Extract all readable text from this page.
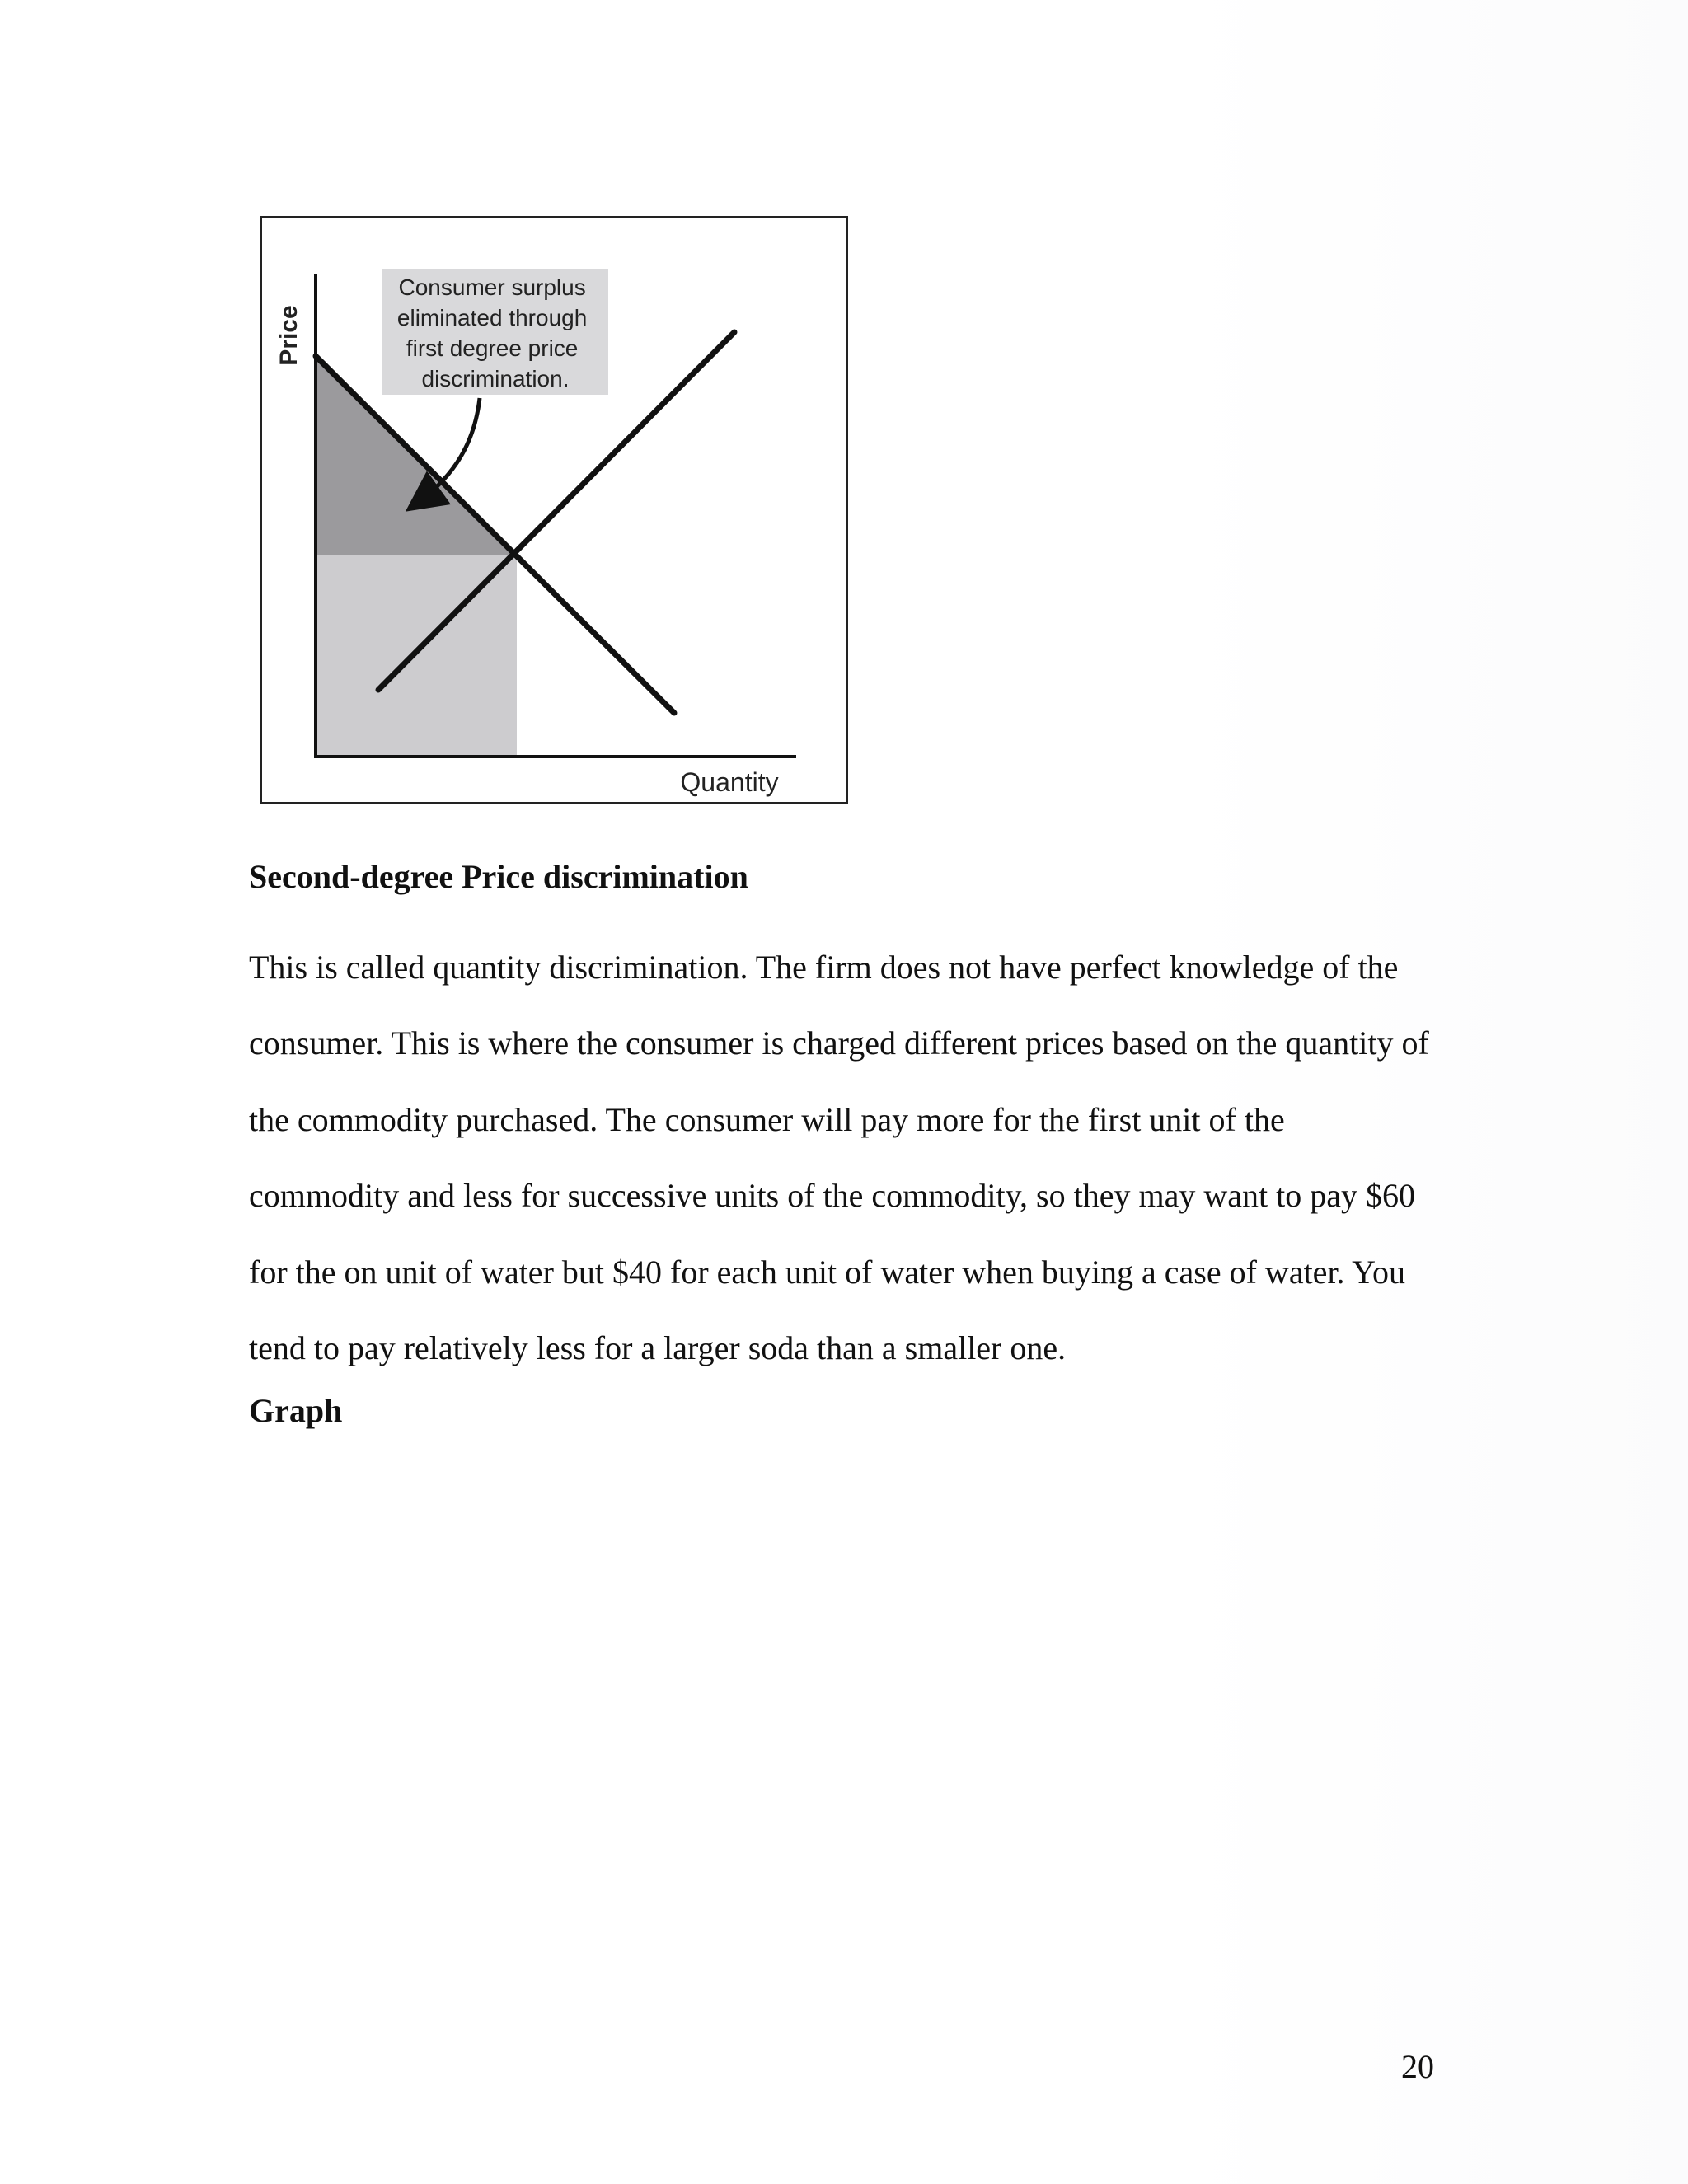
Consumer surplus eliminated through first degree price discrimination.
Price
Quantity
Second-degree Price discrimination
This is called quantity discrimination. The firm does not have perfect knowledge of the
consumer. This is where the consumer is charged different prices based on the quantity of
the commodity purchased. The consumer will pay more for the first unit of the
commodity and less for successive units of the commodity, so they may want to pay $60
for the on unit of water but $40 for each unit of water when buying a case of water. You
tend to pay relatively less for a larger soda than a smaller one.
Graph
20
